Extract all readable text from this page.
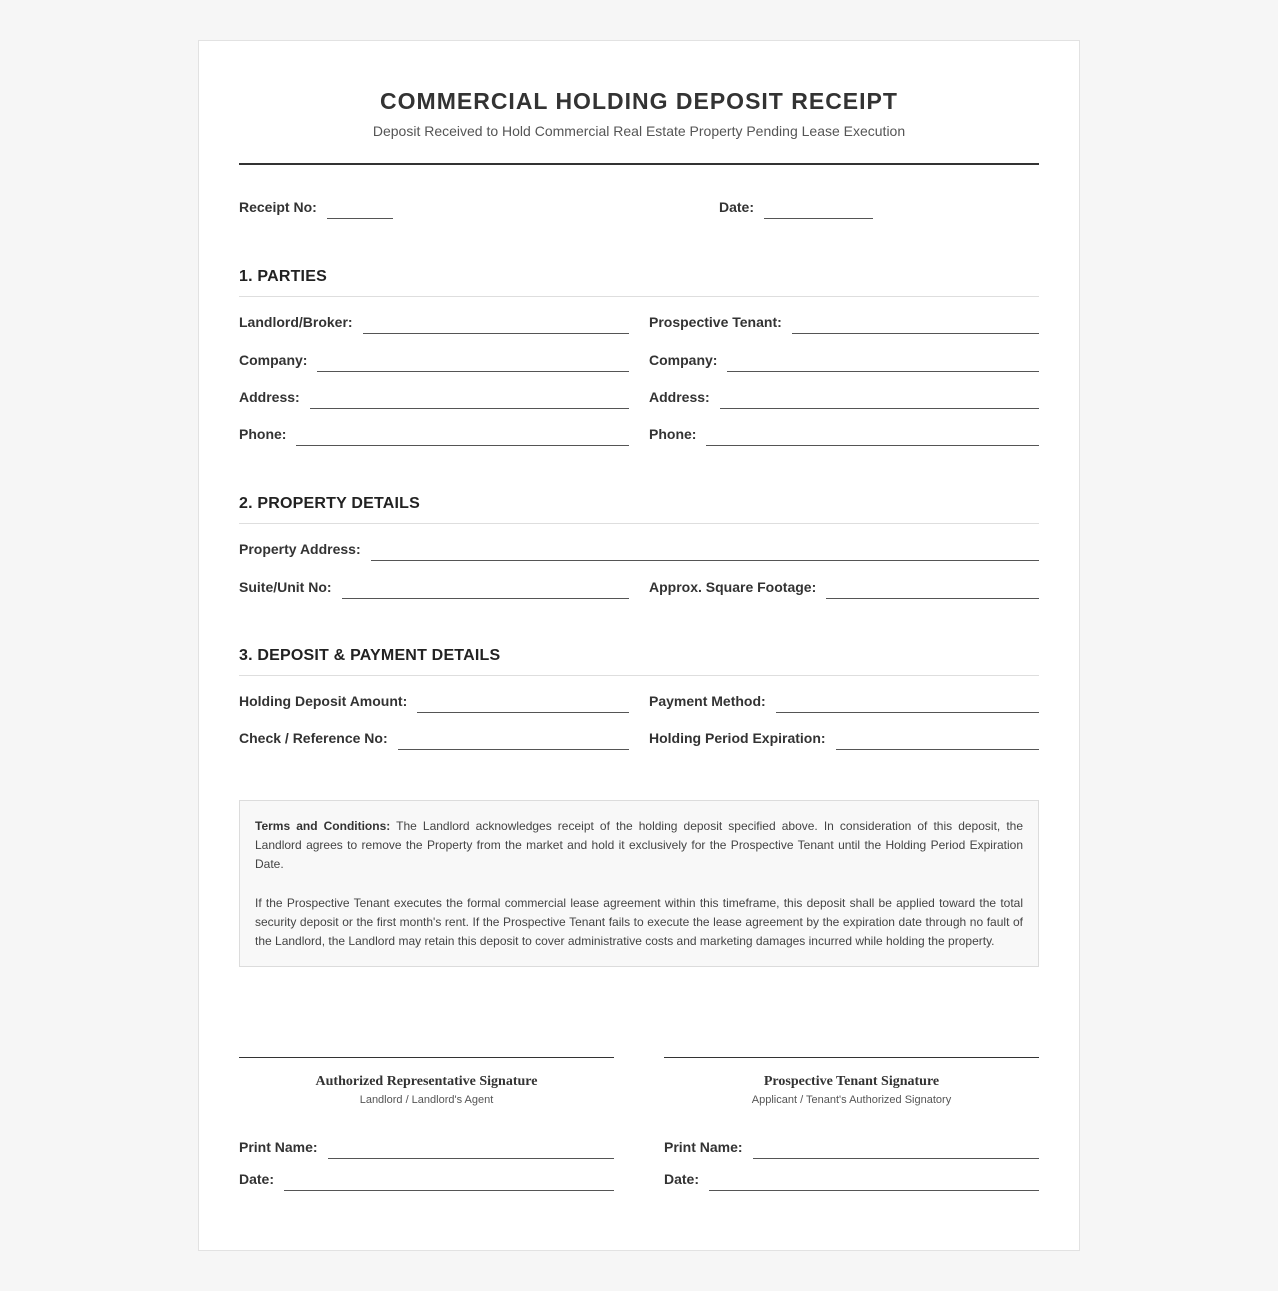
COMMERCIAL HOLDING DEPOSIT RECEIPT
Deposit Received to Hold Commercial Real Estate Property Pending Lease Execution
Receipt No:	Date:
1. PARTIES
Landlord/Broker:	Prospective Tenant:
Company:	Company:
Address:	Address:
Phone:	Phone:
2. PROPERTY DETAILS
Property Address:
Suite/Unit No:	Approx. Square Footage:
3. DEPOSIT & PAYMENT DETAILS
Holding Deposit Amount:	Payment Method:
Check / Reference No:	Holding Period Expiration:

Terms and Conditions: The Landlord acknowledges receipt of the holding deposit specified above. In consideration of this deposit, the Landlord agrees to remove the Property from the market and hold it exclusively for the Prospective Tenant until the Holding Period Expiration Date.

If the Prospective Tenant executes the formal commercial lease agreement within this timeframe, this deposit shall be applied toward the total security deposit or the first month's rent. If the Prospective Tenant fails to execute the lease agreement by the expiration date through no fault of the Landlord, the Landlord may retain this deposit to cover administrative costs and marketing damages incurred while holding the property.

Authorized Representative Signature
Landlord / Landlord's Agent
Print Name:
Date:
Prospective Tenant Signature
Applicant / Tenant's Authorized Signatory
Print Name:
Date:
